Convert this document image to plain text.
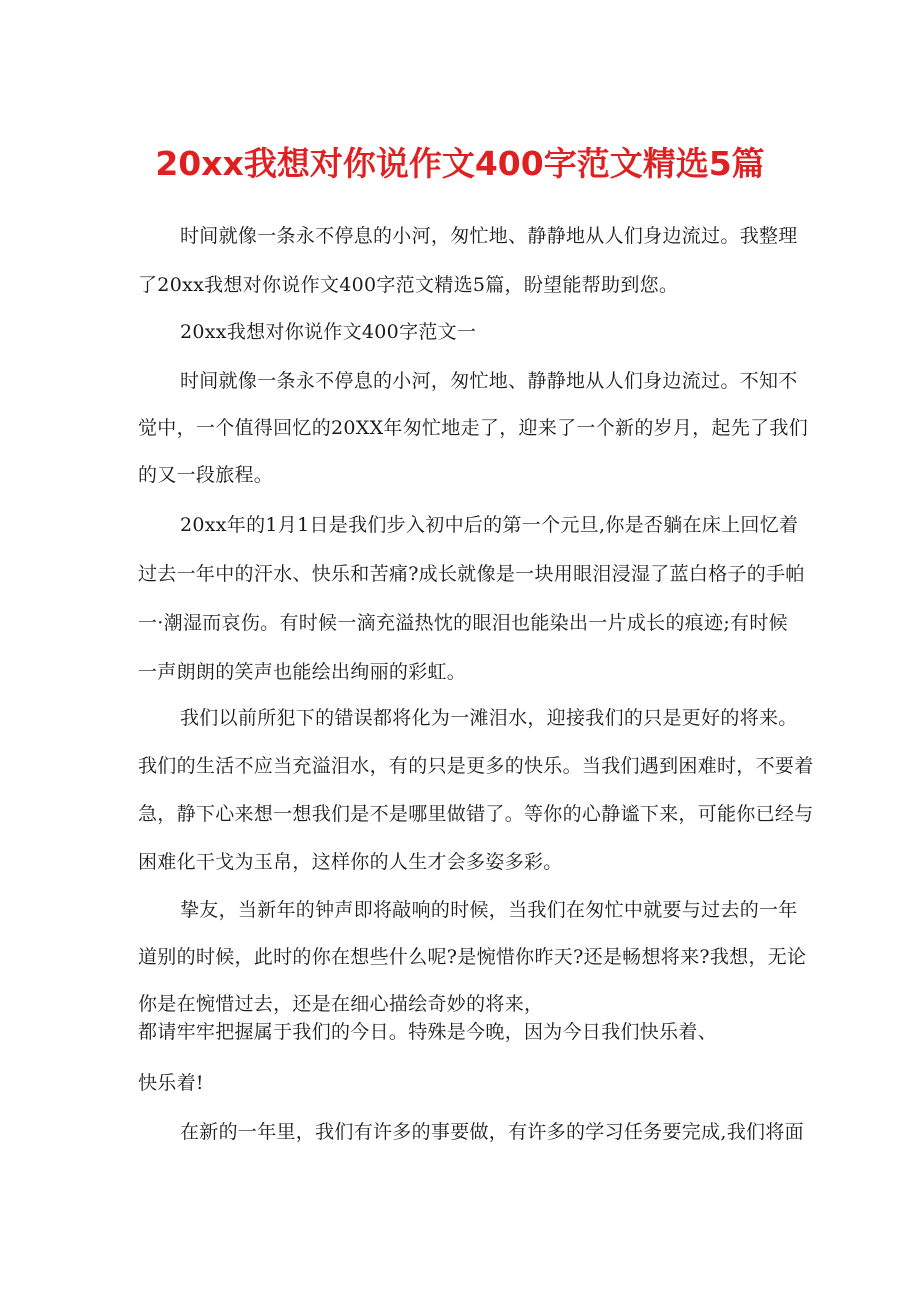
20xx我想对你说作文400字范文精选5篇
时间就像一条永不停息的小河，匆忙地、静静地从人们身边流过。我整理
了20xx我想对你说作文400字范文精选5篇，盼望能帮助到您。
20xx我想对你说作文400字范文一
时间就像一条永不停息的小河，匆忙地、静静地从人们身边流过。不知不
觉中，一个值得回忆的20XX年匆忙地走了，迎来了一个新的岁月，起先了我们
的又一段旅程。
20xx年的1月1日是我们步入初中后的第一个元旦,你是否躺在床上回忆着
过去一年中的汗水、快乐和苦痛?成长就像是一块用眼泪浸湿了蓝白格子的手帕
一·潮湿而哀伤。有时候一滴充溢热忱的眼泪也能染出一片成长的痕迹;有时候
一声朗朗的笑声也能绘出绚丽的彩虹。
我们以前所犯下的错误都将化为一滩泪水，迎接我们的只是更好的将来。
我们的生活不应当充溢泪水，有的只是更多的快乐。当我们遇到困难时，不要着
急，静下心来想一想我们是不是哪里做错了。等你的心静谧下来，可能你已经与
困难化干戈为玉帛，这样你的人生才会多姿多彩。
挚友，当新年的钟声即将敲响的时候，当我们在匆忙中就要与过去的一年
道别的时候，此时的你在想些什么呢?是惋惜你昨天?还是畅想将来?我想，无论
你是在惋惜过去，还是在细心描绘奇妙的将来，
都请牢牢把握属于我们的今日。特殊是今晚，因为今日我们快乐着、
快乐着!
在新的一年里，我们有许多的事要做，有许多的学习任务要完成,我们将面
